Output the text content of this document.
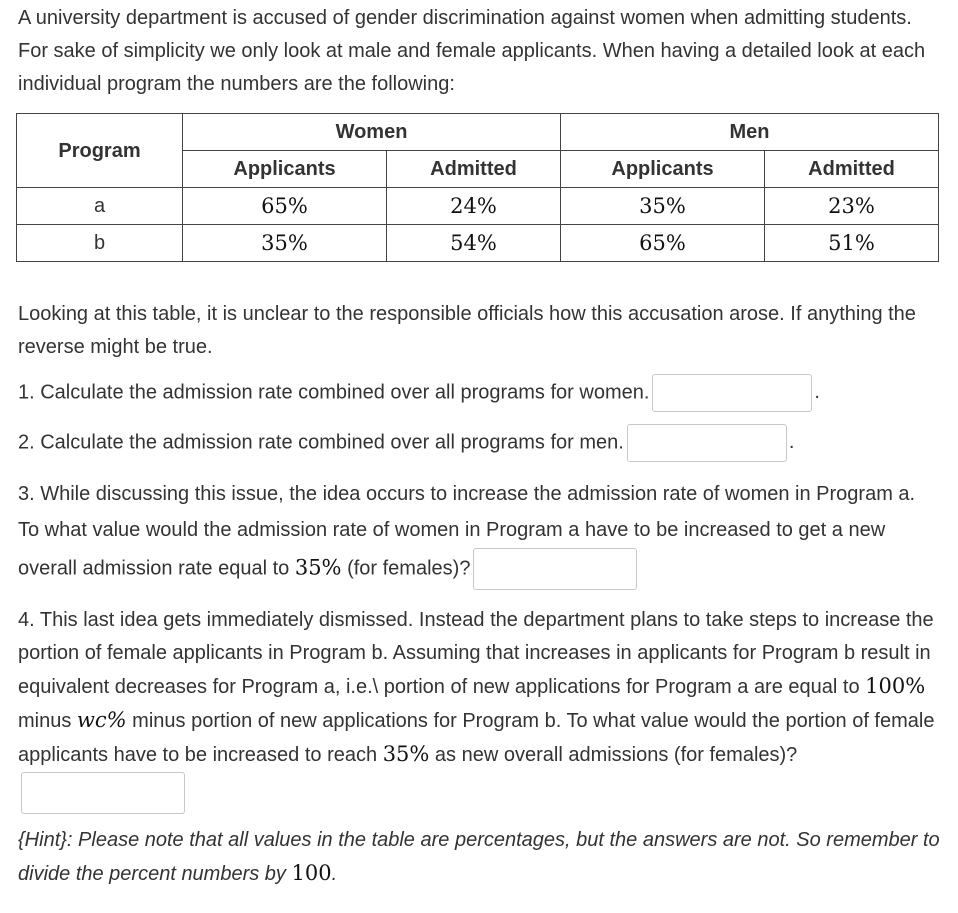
A university department is accused of gender discrimination against women when admitting students. For sake of simplicity we only look at male and female applicants. When having a detailed look at each individual program the numbers are the following:

Program	Women		Men	
	Applicants	Admitted	Applicants	Admitted
a	65%	24%	35%	23%
b	35%	54%	65%	51%

Looking at this table, it is unclear to the responsible officials how this accusation arose. If anything the reverse might be true.

1. Calculate the admission rate combined over all programs for women.	.

2. Calculate the admission rate combined over all programs for men.	.

3. While discussing this issue, the idea occurs to increase the admission rate of women in Program a. To what value would the admission rate of women in Program a have to be increased to get a new overall admission rate equal to 35% (for females)?

4. This last idea gets immediately dismissed. Instead the department plans to take steps to increase the portion of female applicants in Program b. Assuming that increases in applicants for Program b result in equivalent decreases for Program a, i.e.\ portion of new applications for Program a are equal to 100% minus wc% minus portion of new applications for Program b. To what value would the portion of female applicants have to be increased to reach 35% as new overall admissions (for females)?

{Hint}: Please note that all values in the table are percentages, but the answers are not. So remember to divide the percent numbers by 100.
